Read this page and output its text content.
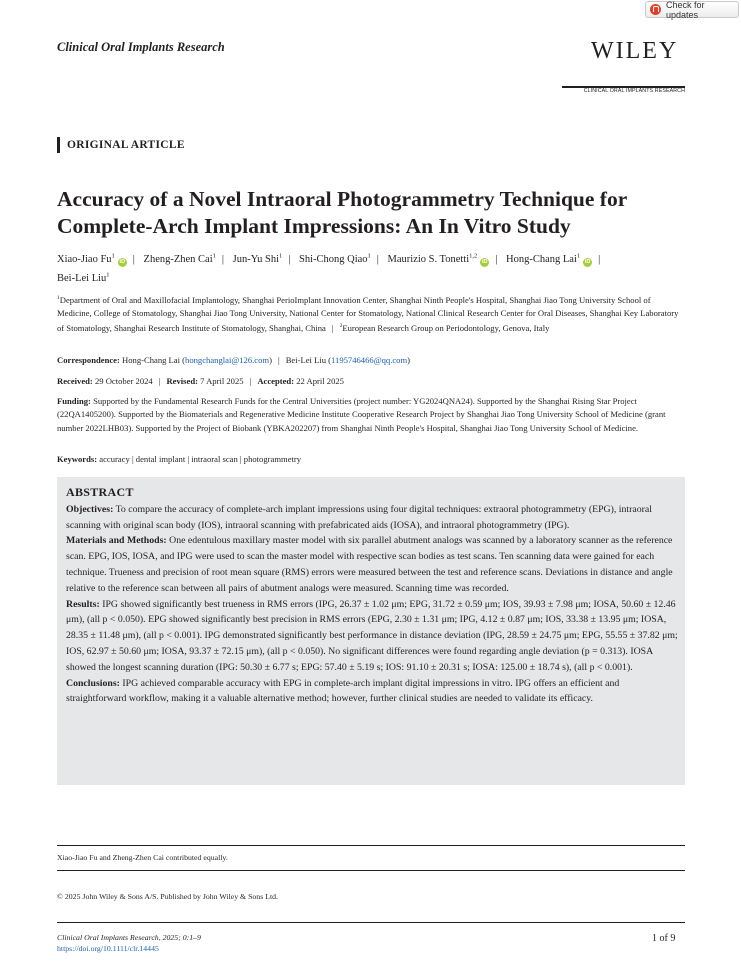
Check for updates
Clinical Oral Implants Research	WILEY
CLINICAL ORAL IMPLANTS RESEARCH
ORIGINAL ARTICLE
Accuracy of a Novel Intraoral Photogrammetry Technique for Complete-Arch Implant Impressions: An In Vitro Study
Xiao-Jiao Fu$^1$iD | Zheng-Zhen Cai$^1$ | Jun-Yu Shi$^1$ | Shi-Chong Qiao$^1$ | Maurizio S. Tonetti$^{1,2}$iD | Hong-Chang Lai$^1$iD |
Bei-Lei Liu$^1$
$^1$Department of Oral and Maxillofacial Implantology, Shanghai PerioImplant Innovation Center, Shanghai Ninth People's Hospital, Shanghai Jiao Tong University School of Medicine, College of Stomatology, Shanghai Jiao Tong University, National Center for Stomatology, National Clinical Research Center for Oral Diseases, Shanghai Key Laboratory of Stomatology, Shanghai Research Institute of Stomatology, Shanghai, China | $^2$European Research Group on Periodontology, Genova, Italy
Correspondence: Hong-Chang Lai (hongchanglai@126.com) | Bei-Lei Liu (1195746466@qq.com)
Received: 29 October 2024 | Revised: 7 April 2025 | Accepted: 22 April 2025
Funding: Supported by the Fundamental Research Funds for the Central Universities (project number: YG2024QNA24). Supported by the Shanghai Rising Star Project (22QA1405200). Supported by the Biomaterials and Regenerative Medicine Institute Cooperative Research Project by Shanghai Jiao Tong University School of Medicine (grant number 2022LHB03). Supported by the Project of Biobank (YBKA202207) from Shanghai Ninth People's Hospital, Shanghai Jiao Tong University School of Medicine.
Keywords: accuracy | dental implant | intraoral scan | photogrammetry
ABSTRACT

Objectives: To compare the accuracy of complete-arch implant impressions using four digital techniques: extraoral photogrammetry (EPG), intraoral scanning with original scan body (IOS), intraoral scanning with prefabricated aids (IOSA), and intraoral photogrammetry (IPG).

Materials and Methods: One edentulous maxillary master model with six parallel abutment analogs was scanned by a laboratory scanner as the reference scan. EPG, IOS, IOSA, and IPG were used to scan the master model with respective scan bodies as test scans. Ten scanning data were gained for each technique. Trueness and precision of root mean square (RMS) errors were measured between the test and reference scans. Deviations in distance and angle relative to the reference scan between all pairs of abutment analogs were measured. Scanning time was recorded.

Results: IPG showed significantly best trueness in RMS errors (IPG, 26.37 ± 1.02 μm; EPG, 31.72 ± 0.59 μm; IOS, 39.93 ± 7.98 μm; IOSA, 50.60 ± 12.46 μm), (all p < 0.050). EPG showed significantly best precision in RMS errors (EPG, 2.30 ± 1.31 μm; IPG, 4.12 ± 0.87 μm; IOS, 33.38 ± 13.95 μm; IOSA, 28.35 ± 11.48 μm), (all p < 0.001). IPG demonstrated significantly best performance in distance deviation (IPG, 28.59 ± 24.75 μm; EPG, 55.55 ± 37.82 μm; IOS, 62.97 ± 50.60 μm; IOSA, 93.37 ± 72.15 μm), (all p < 0.050). No significant differences were found regarding angle deviation (p = 0.313). IOSA showed the longest scanning duration (IPG: 50.30 ± 6.77 s; EPG: 57.40 ± 5.19 s; IOS: 91.10 ± 20.31 s; IOSA: 125.00 ± 18.74 s), (all p < 0.001).

Conclusions: IPG achieved comparable accuracy with EPG in complete-arch implant digital impressions in vitro. IPG offers an efficient and straightforward workflow, making it a valuable alternative method; however, further clinical studies are needed to validate its efficacy.

Xiao-Jiao Fu and Zheng-Zhen Cai contributed equally.
© 2025 John Wiley & Sons A/S. Published by John Wiley & Sons Ltd.
Clinical Oral Implants Research, 2025; 0:1–9
https://doi.org/10.1111/clr.14445
1 of 9
